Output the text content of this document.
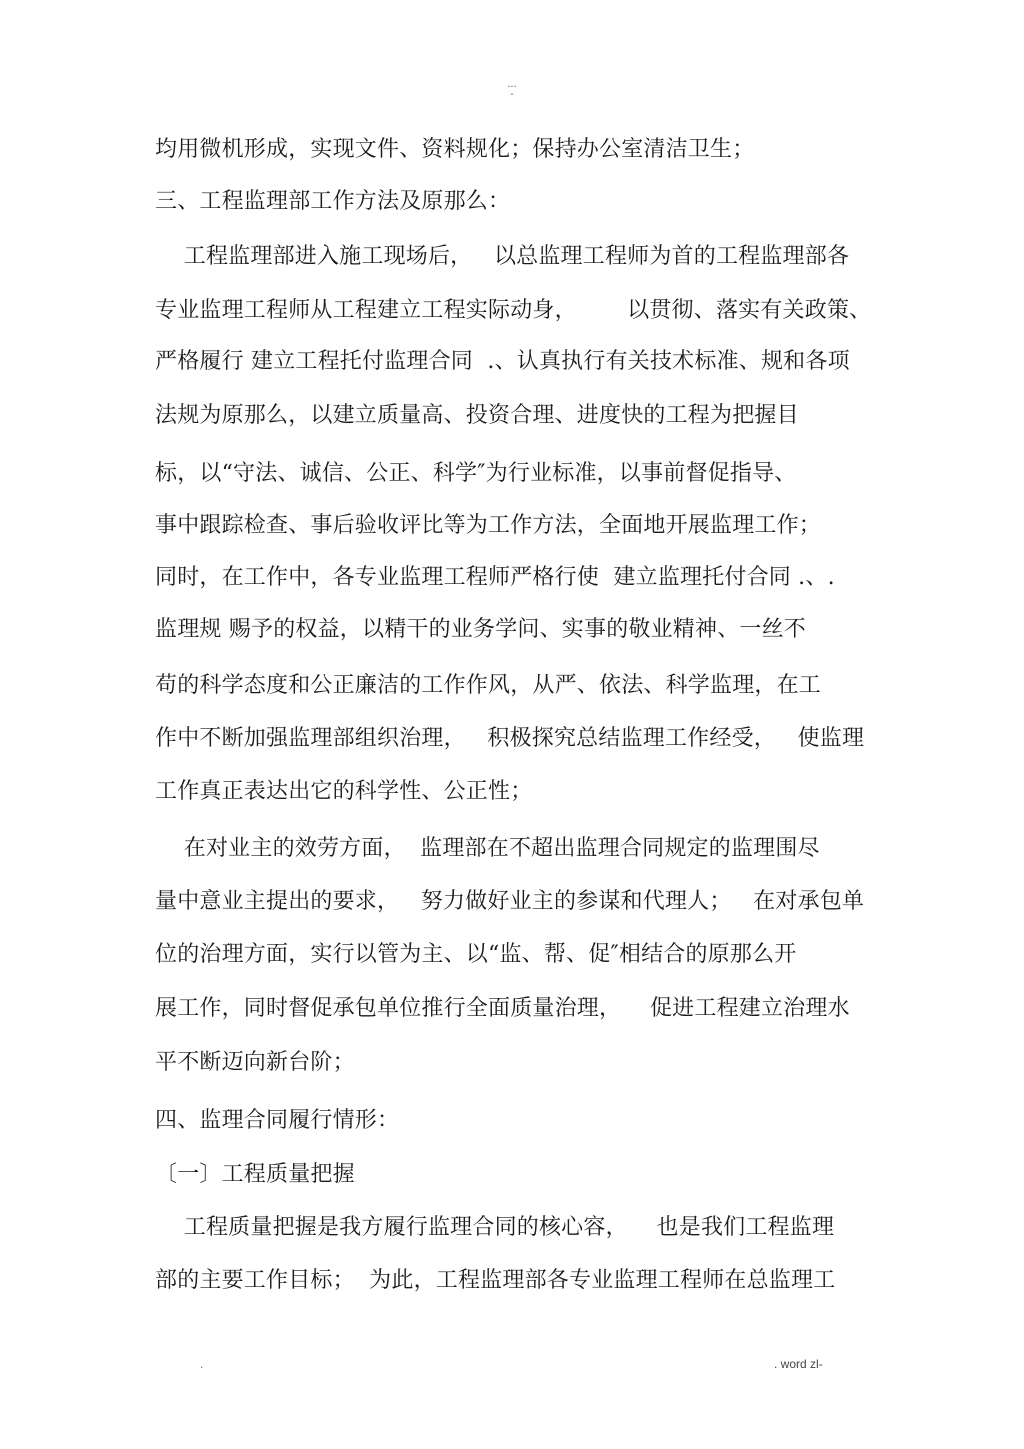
...
-
均用微机形成，实现文件、资料规化；保持办公室清洁卫生；
三、工程监理部工作方法及原那么：
工程监理部进入施工现场后，   以总监理工程师为首的工程监理部各
专业监理工程师从工程建立工程实际动身，       以贯彻、落实有关政策、
严格履行 建立工程托付监理合同  .、认真执行有关技术标准、规和各项
法规为原那么，以建立质量高、投资合理、进度快的工程为把握目
标，以“守法、诚信、公正、科学″为行业标准，以事前督促指导、
事中跟踪检查、事后验收评比等为工作方法，全面地开展监理工作；
同时，在工作中，各专业监理工程师严格行使  建立监理托付合同 .、.
监理规 赐予的权益，以精干的业务学问、实事的敬业精神、一丝不
苟的科学态度和公正廉洁的工作作风，从严、依法、科学监理，在工
作中不断加强监理部组织治理，   积极探究总结监理工作经受，   使监理
工作真正表达出它的科学性、公正性；
在对业主的效劳方面，  监理部在不超出监理合同规定的监理围尽
量中意业主提出的要求，   努力做好业主的参谋和代理人；   在对承包单
位的治理方面，实行以管为主、以“监、帮、促″相结合的原那么开
展工作，同时督促承包单位推行全面质量治理，    促进工程建立治理水
平不断迈向新台阶；
四、监理合同履行情形：
〔一〕工程质量把握
工程质量把握是我方履行监理合同的核心容，    也是我们工程监理
部的主要工作目标；  为此，工程监理部各专业监理工程师在总监理工
.	. word zl-
